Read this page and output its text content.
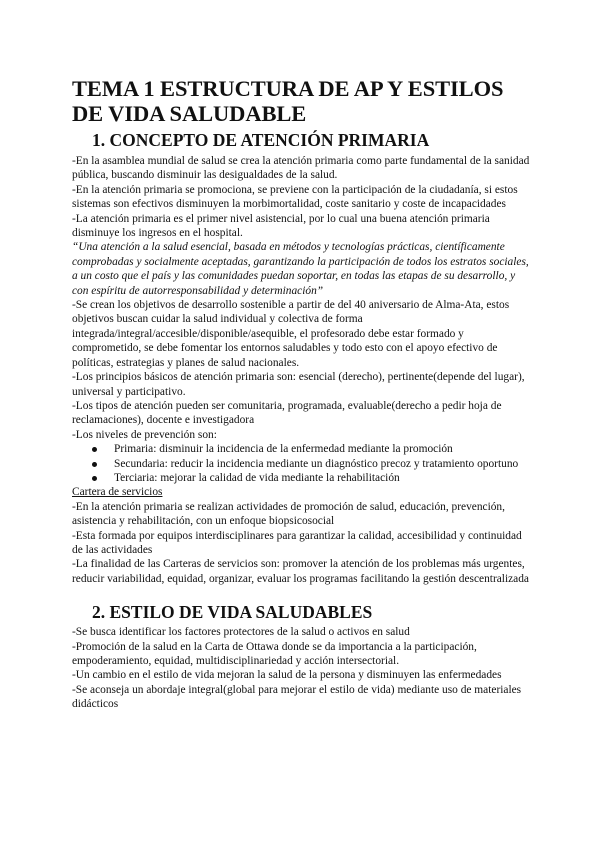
TEMA 1 ESTRUCTURA DE AP Y ESTILOS DE VIDA SALUDABLE
1. CONCEPTO DE ATENCIÓN PRIMARIA

-En la asamblea mundial de salud se crea la atención primaria como parte fundamental de la sanidad pública, buscando disminuir las desigualdades de la salud.

-En la atención primaria se promociona, se previene con la participación de la ciudadanía, si estos sistemas son efectivos disminuyen la morbimortalidad, coste sanitario y coste de incapacidades

-La atención primaria es el primer nivel asistencial, por lo cual una buena atención primaria disminuye los ingresos en el hospital.

“Una atención a la salud esencial, basada en métodos y tecnologías prácticas, científicamente comprobadas y socialmente aceptadas, garantizando la participación de todos los estratos sociales, a un costo que el país y las comunidades puedan soportar, en todas las etapas de su desarrollo, y con espíritu de autorresponsabilidad y determinación”

-Se crean los objetivos de desarrollo sostenible a partir de del 40 aniversario de Alma-Ata, estos objetivos buscan cuidar la salud individual y colectiva de forma integrada/integral/accesible/disponible/asequible, el profesorado debe estar formado y comprometido, se debe fomentar los entornos saludables y todo esto con el apoyo efectivo de políticas, estrategias y planes de salud nacionales.

-Los principios básicos de atención primaria son: esencial (derecho), pertinente(depende del lugar), universal y participativo.

-Los tipos de atención pueden ser comunitaria, programada, evaluable(derecho a pedir hoja de reclamaciones), docente e investigadora

-Los niveles de prevención son:

Primaria: disminuir la incidencia de la enfermedad mediante la promoción
Secundaria: reducir la incidencia mediante un diagnóstico precoz y tratamiento oportuno
Terciaria: mejorar la calidad de vida mediante la rehabilitación

Cartera de servicios

-En la atención primaria se realizan actividades de promoción de salud, educación, prevención, asistencia y rehabilitación, con un enfoque biopsicosocial

-Esta formada por equipos interdisciplinares para garantizar la calidad, accesibilidad y continuidad de las actividades

-La finalidad de las Carteras de servicios son: promover la atención de los problemas más urgentes, reducir variabilidad, equidad, organizar, evaluar los programas facilitando la gestión descentralizada

2. ESTILO DE VIDA SALUDABLES

-Se busca identificar los factores protectores de la salud o activos en salud

-Promoción de la salud en la Carta de Ottawa donde se da importancia a la participación, empoderamiento, equidad, multidisciplinariedad y acción intersectorial.

-Un cambio en el estilo de vida mejoran la salud de la persona y disminuyen las enfermedades

-Se aconseja un abordaje integral(global para mejorar el estilo de vida) mediante uso de materiales didácticos
